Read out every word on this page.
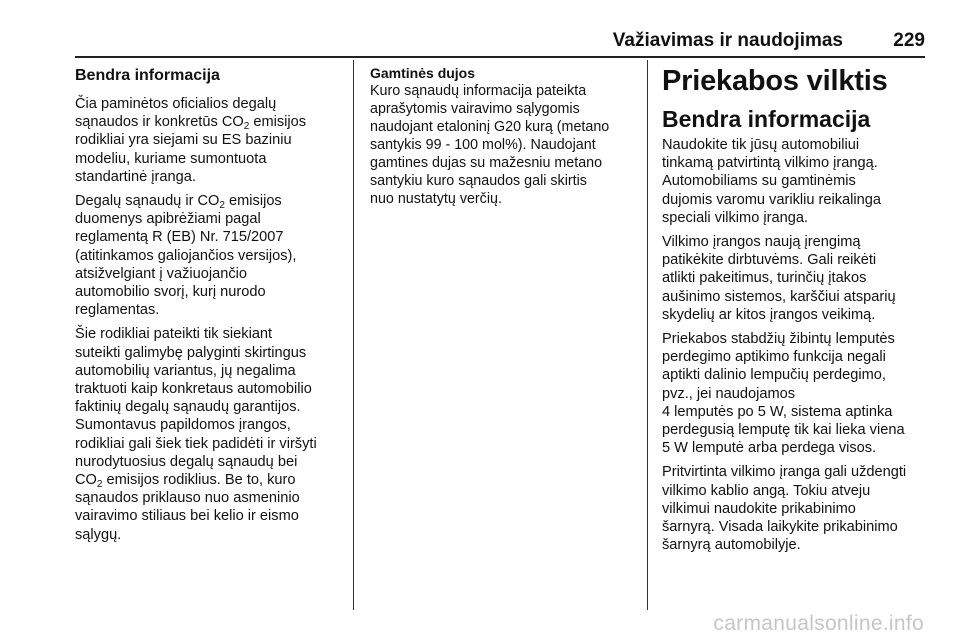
Važiavimas ir naudojimas	229
Bendra informacija

Čia paminėtos oficialios degalų
sąnaudos ir konkretūs $CO_2$ emisijos
rodikliai yra siejami su ES baziniu
modeliu, kuriame sumontuota
standartinė įranga.

Degalų sąnaudų ir $CO_2$ emisijos
duomenys apibrėžiami pagal
reglamentą R (EB) Nr. 715/2007
(atitinkamos galiojančios versijos),
atsižvelgiant į važiuojančio
automobilio svorį, kurį nurodo
reglamentas.

Šie rodikliai pateikti tik siekiant
suteikti galimybę palyginti skirtingus
automobilių variantus, jų negalima
traktuoti kaip konkretaus automobilio
faktinių degalų sąnaudų garantijos.
Sumontavus papildomos įrangos,
rodikliai gali šiek tiek padidėti ir viršyti
nurodytuosius degalų sąnaudų bei
$CO_2$ emisijos rodiklius. Be to, kuro
sąnaudos priklauso nuo asmeninio
vairavimo stiliaus bei kelio ir eismo
sąlygų.

Gamtinės dujos

Kuro sąnaudų informacija pateikta
aprašytomis vairavimo sąlygomis
naudojant etaloninį G20 kurą (metano
santykis 99 - 100 mol%). Naudojant
gamtines dujas su mažesniu metano
santykiu kuro sąnaudos gali skirtis
nuo nustatytų verčių.

Priekabos vilktis
Bendra informacija

Naudokite tik jūsų automobiliui
tinkamą patvirtintą vilkimo įrangą.
Automobiliams su gamtinėmis
dujomis varomu varikliu reikalinga
speciali vilkimo įranga.

Vilkimo įrangos naują įrengimą
patikėkite dirbtuvėms. Gali reikėti
atlikti pakeitimus, turinčių įtakos
aušinimo sistemos, karščiui atsparių
skydelių ar kitos įrangos veikimą.

Priekabos stabdžių žibintų lemputės
perdegimo aptikimo funkcija negali
aptikti dalinio lempučių perdegimo,
pvz., jei naudojamos
4 lemputės po 5 W, sistema aptinka
perdegusią lemputę tik kai lieka viena
5 W lemputė arba perdega visos.

Pritvirtinta vilkimo įranga gali uždengti
vilkimo kablio angą. Tokiu atveju
vilkimui naudokite prikabinimo
šarnyrą. Visada laikykite prikabinimo
šarnyrą automobilyje.

carmanualsonline.info
